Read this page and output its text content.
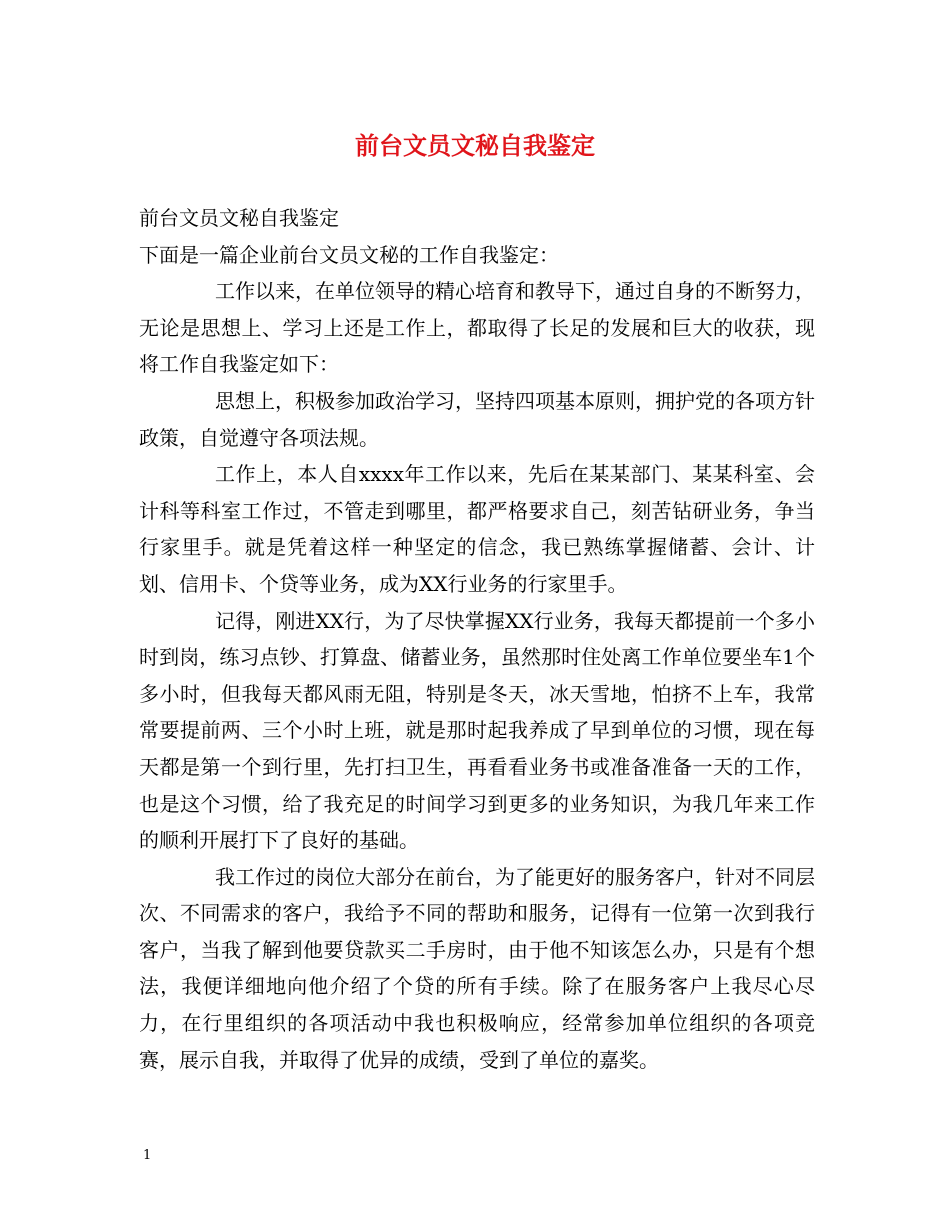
前台文员文秘自我鉴定
前台文员文秘自我鉴定
下面是一篇企业前台文员文秘的工作自我鉴定：
工作以来，在单位领导的精心培育和教导下，通过自身的不断努力，无论是思想上、学习上还是工作上，都取得了长足的发展和巨大的收获，现将工作自我鉴定如下：
思想上，积极参加政治学习，坚持四项基本原则，拥护党的各项方针政策，自觉遵守各项法规。
工作上，本人自xxxx年工作以来，先后在某某部门、某某科室、会计科等科室工作过，不管走到哪里，都严格要求自己，刻苦钻研业务，争当行家里手。就是凭着这样一种坚定的信念，我已熟练掌握储蓄、会计、计划、信用卡、个贷等业务，成为XX行业务的行家里手。
记得，刚进XX行，为了尽快掌握XX行业务，我每天都提前一个多小时到岗，练习点钞、打算盘、储蓄业务，虽然那时住处离工作单位要坐车1个多小时，但我每天都风雨无阻，特别是冬天，冰天雪地，怕挤不上车，我常常要提前两、三个小时上班，就是那时起我养成了早到单位的习惯，现在每天都是第一个到行里，先打扫卫生，再看看业务书或准备准备一天的工作，也是这个习惯，给了我充足的时间学习到更多的业务知识，为我几年来工作的顺利开展打下了良好的基础。
我工作过的岗位大部分在前台，为了能更好的服务客户，针对不同层次、不同需求的客户，我给予不同的帮助和服务，记得有一位第一次到我行客户，当我了解到他要贷款买二手房时，由于他不知该怎么办，只是有个想法，我便详细地向他介绍了个贷的所有手续。除了在服务客户上我尽心尽力，在行里组织的各项活动中我也积极响应，经常参加单位组织的各项竞赛，展示自我，并取得了优异的成绩，受到了单位的嘉奖。
1
